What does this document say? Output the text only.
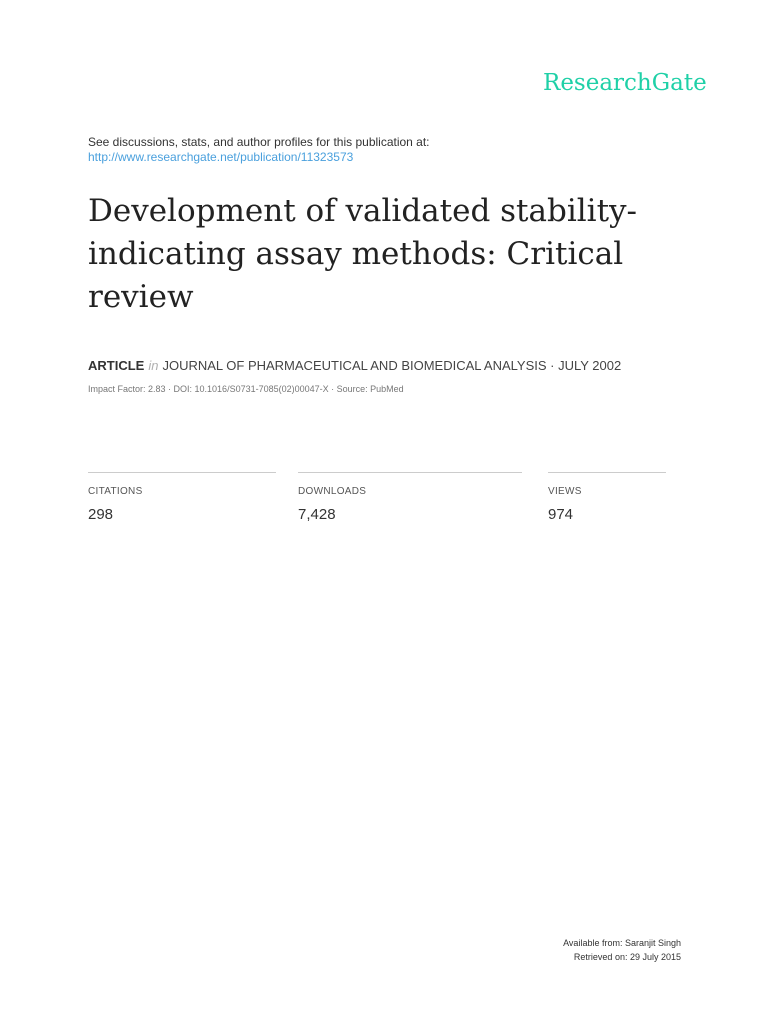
ResearchGate
See discussions, stats, and author profiles for this publication at:
http://www.researchgate.net/publication/11323573
Development of validated stability-indicating assay methods: Critical review
ARTICLE in JOURNAL OF PHARMACEUTICAL AND BIOMEDICAL ANALYSIS · JULY 2002
Impact Factor: 2.83 · DOI: 10.1016/S0731-7085(02)00047-X · Source: PubMed
CITATIONS
298
DOWNLOADS
7,428
VIEWS
974
Available from: Saranjit Singh
Retrieved on: 29 July 2015
